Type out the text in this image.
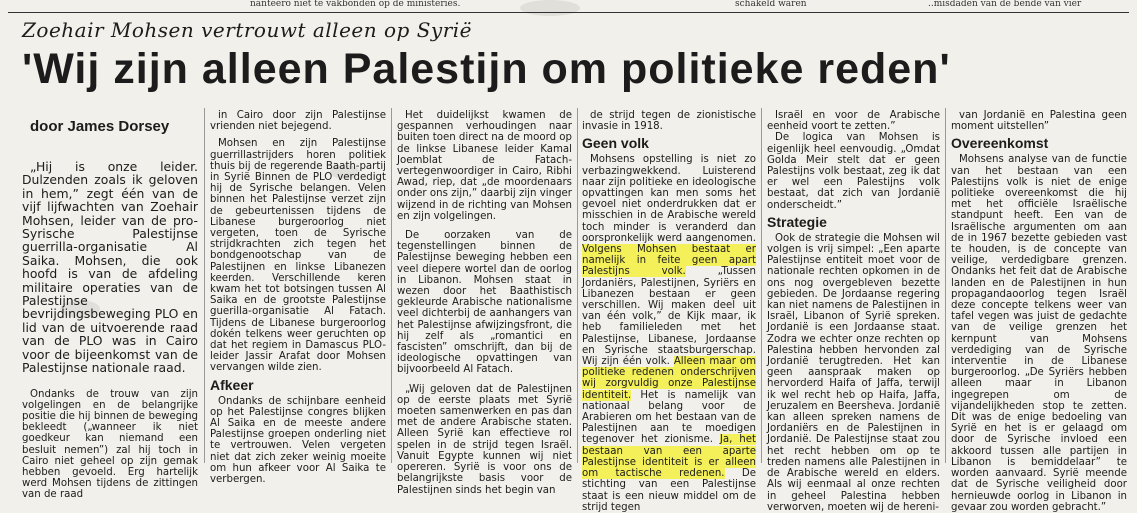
nanteero niet te vakbonden op de ministeries.	schakeld waren	..misdaden van de bende van vier
Zoehair Mohsen vertrouwt alleen op Syrië
'Wij zijn alleen Palestijn om politieke reden'
door James Dorsey

„Hij is onze leider. Dulzenden zoals ik geloven in hem,” zegt één van de vijf lijfwachten van Zoehair Mohsen, leider van de pro-Syrische Palestijnse guerrilla-organisatie Al Saika. Mohsen, die ook hoofd is van de afdeling militaire operaties van de Palestijnse bevrijdingsbeweging PLO en lid van de uitvoerende raad van de PLO was in Cairo voor de bijeenkomst van de Palestijnse nationale raad.

Ondanks de trouw van zijn volgelingen en de belangrijke positie die hij binnen de beweging bekleedt („wanneer ik niet goedkeur kan niemand een besluit nemen”) zal hij toch in Cairo niet geheel op zijn gemak hebben gevoeld. Erg hartelijk werd Mohsen tijdens de zittingen van de raad

in Cairo door zijn Palestijnse vrienden niet bejegend.

Mohsen en zijn Palestijnse guerrillastrijders horen politiek thuis bij de regerende Baath-partij in Syrië Binnen de PLO verdedigt hij de Syrische belangen. Velen binnen het Palestijnse verzet zijn de gebeurtenissen tijdens de Libanese burgeroorlog niet vergeten, toen de Syrische strijdkrachten zich tegen het bondgenootschap van de Palestijnen en linkse Libanezen keerden. Verschillende keren kwam het tot botsingen tussen Al Saika en de grootste Palestijnse guerilla-organisatie Al Fatach. Tijdens de Libanese burgeroorlog dokén telkens weer geruchten op dat het regiem in Damascus PLO-leider Jassir Arafat door Mohsen vervangen wilde zien.

Afkeer

Ondanks de schijnbare eenheid op het Palestijnse congres blijken Al Saika en de meeste andere Palestijnse groepen onderling niet te vertrouwen. Velen vergeten niet dat zich zeker weinig moeite om hun afkeer voor Al Saika te verbergen.

Het duidelijkst kwamen de gespannen verhoudingen naar buiten toen direct na de moord op de linkse Libanese leider Kamal Joemblat de Fatach-vertegenwoordiger in Cairo, Ribhi Awad, riep, dat „de moordenaars onder ons zijn,” daarbij zijn vinger wijzend in de richting van Mohsen en zijn volgelingen.

De oorzaken van de tegenstellingen binnen de Palestijnse beweging hebben een veel diepere wortel dan de oorlog in Libanon. Mohsen staat in wezen door het Baathistisch gekleurde Arabische nationalisme veel dichterbij de aanhangers van het Palestijnse afwijzingsfront, die hij zelf als „romantici en fascisten” omschrijft, dan bij de ideologische opvattingen van bijvoorbeeld Al Fatach.

„Wij geloven dat de Palestijnen op de eerste plaats met Syrië moeten samenwerken en pas dan met de andere Arabische staten. Alleen Syrië kan effectieve rol spelen in de strijd tegen Israël. Vanuit Egypte kunnen wij niet opereren. Syrië is voor ons de belangrijkste basis voor de Palestijnen sinds het begin van

de strijd tegen de zionistische invasie in 1918.

Geen volk

Mohsens opstelling is niet zo verbazingwekkend. Luisterend naar zijn politieke en ideologische opvattingen kan men soms het gevoel niet onderdrukken dat er misschien in de Arabische wereld toch minder is veranderd dan oorspronkelijk werd aangenomen. Volgens Mohsen bestaat er namelijk in feite geen apart Palestijns volk.	„Tussen Jordaniërs, Palestijnen, Syriërs en Libanezen bestaan er geen verschillen. Wij maken deel uit van één volk,” de Kijk maar, ik heb familieleden met het Palestijnse, Libanese, Jordaanse en Syrische staatsburgerschap. Wij zijn één volk. Alleen maar om politieke redenen onderschrijven wij zorgvuldig onze Palestijnse identiteit. Het is namelijk van nationaal belang voor de Arabieren om het bestaan van de Palestijnen aan te moedigen tegenover het zionisme. Ja, het bestaan van een aparte Palestijnse identiteit is er alleen om tactische redenen. De stichting van een Palestijnse staat is een nieuw middel om de strijd tegen

Israël en voor de Arabische eenheid voort te zetten.”

De logica van Mohsen is eigenlijk heel eenvoudig. „Omdat Golda Meir stelt dat er geen Palestijns volk bestaat, zeg ik dat er wel een Palestijns volk bestaat, dat zich van Jordanië onderscheidt.”

Strategie

Ook de strategie die Mohsen wil volgen is vrij simpel: „Een aparte Palestijnse entiteit moet voor de nationale rechten opkomen in de ons nog overgebleven bezette gebieden. De Jordaanse regering kan niet namens de Palestijnen in Israël, Libanon of Syrië spreken. Jordanië is een Jordaanse staat. Zodra we echter onze rechten op Palestina hebben hervonden zal Jordanië terugtreden. Het kan geen aanspraak maken op hervorderd Haifa of Jaffa, terwijl ik wel recht heb op Haifa, Jaffa, Jeruzalem en Beersheva. Jordanië kan alleen spreken namens de Jordaniërs en de Palestijnen in Jordanië. De Palestijnse staat zou het recht hebben om op te treden namens alle Palestijnen in de Arabische wereld en elders. Als wij eenmaal al onze rechten in geheel Palestina hebben verworven, moeten wij de hereni-

van Jordanië en Palestina geen moment uitstellen”

Overeenkomst

Mohsens analyse van de functie van het bestaan van een Palestijns volk is niet de enige politieke overeenkomst die hij met het officiële Israëlische standpunt heeft. Een van de Israëlische argumenten om aan de in 1967 bezette gebieden vast te houden, is de concepte van veilige, verdedigbare grenzen. Ondanks het feit dat de Arabische landen en de Palestijnen in hun propagandaoorlog tegen Israël deze concepte telkens weer van tafel vegen was juist de gedachte van de veilige grenzen het kernpunt van Mohsens verdediging van de Syrische interventie in de Libanese burgeroorlog. „De Syriërs hebben alleen maar in Libanon ingegrepen om de vijandelijkheden stop te zetten. Dit was de enige bedoeling van Syrië en het is er gelaagd om door de Syrische invloed een akkoord tussen alle partijen in Libanon is bemiddelaar” te worden aanvaard. Syrië meende dat de Syrische veiligheid door hernieuwde oorlog in Libanon in gevaar zou worden gebracht.”
